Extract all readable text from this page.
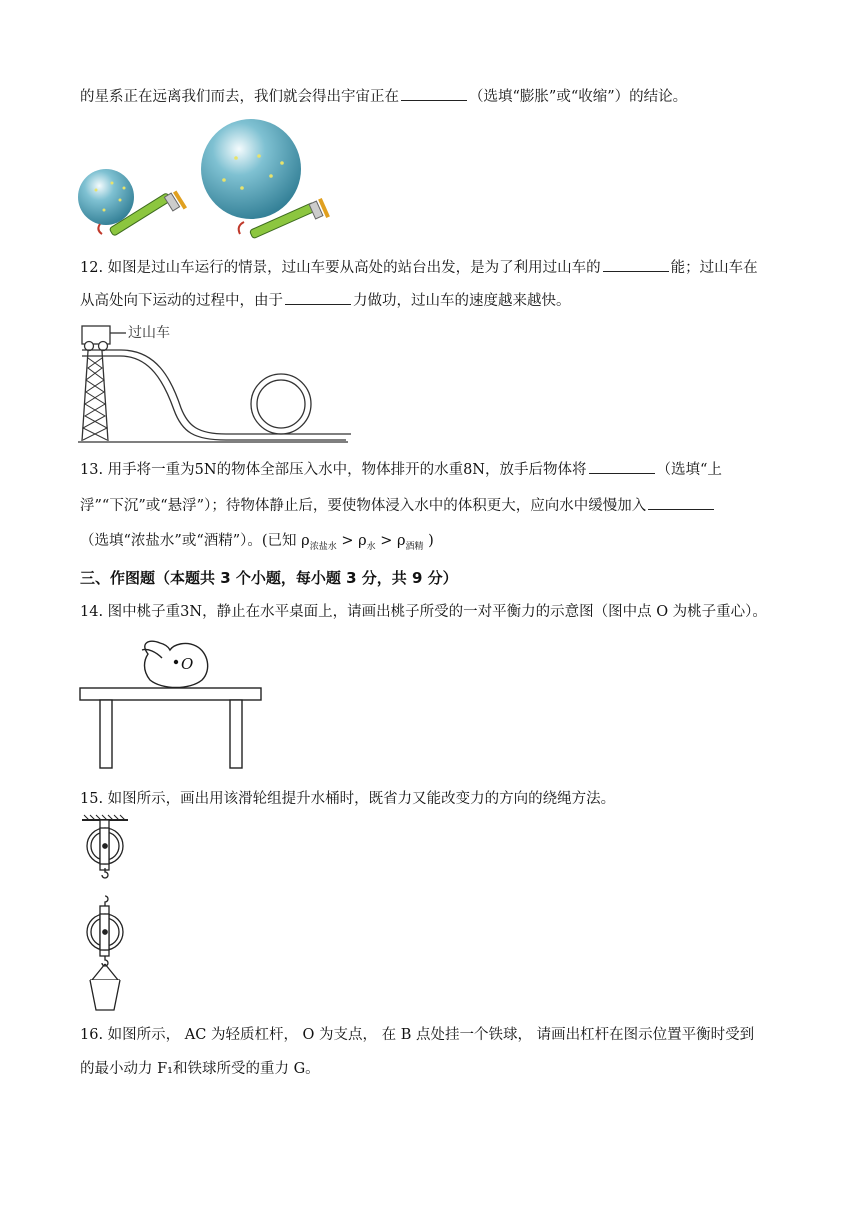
的星系正在远离我们而去，我们就会得出宇宙正在	（选填“膨胀”或“收缩”）的结论。
12. 如图是过山车运行的情景，过山车要从高处的站台出发，是为了利用过山车的	能；过山车在
从高处向下运动的过程中，由于	力做功，过山车的速度越来越快。
过山车
13. 用手将一重为5N的物体全部压入水中，物体排开的水重8N，放手后物体将	（选填“上
浮”“下沉”或“悬浮”）；待物体静止后，要使物体浸入水中的体积更大，应向水中缓慢加入
（选填“浓盐水”或“酒精”）。(已知 $\rho_{浓盐水} > \rho_水 > \rho_{酒精}$ )
三、作图题（本题共 3 个小题，每小题 3 分，共 9 分）
14. 图中桃子重3N，静止在水平桌面上，请画出桃子所受的一对平衡力的示意图（图中点 O 为桃子重心）。
O
15. 如图所示，画出用该滑轮组提升水桶时，既省力又能改变力的方向的绕绳方法。
16. 如图所示， AC 为轻质杠杆， O 为支点， 在 B 点处挂一个铁球， 请画出杠杆在图示位置平衡时受到
的最小动力 F₁和铁球所受的重力 G。
